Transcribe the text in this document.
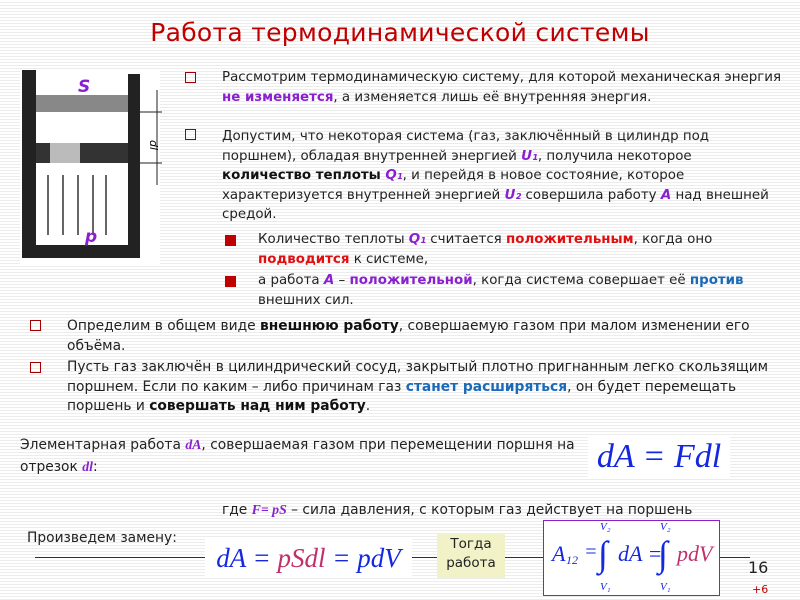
Работа термодинамической системы
dl
S
p
Рассмотрим термодинамическую систему, для которой механическая энергия не изменяется, а изменяется лишь её внутренняя энергия.
Допустим, что некоторая система (газ, заключённый в цилиндр под поршнем), обладая внутренней энергией U₁, получила некоторое количество теплоты Q₁, и перейдя в новое состояние, которое характеризуется внутренней энергией U₂ совершила работу A над внешней средой.
Количество теплоты Q₁ считается положительным, когда оно подводится к системе,
а работа A – положительной, когда система совершает её против внешних сил.
Определим в общем виде внешнюю работу, совершаемую газом при малом изменении его объёма.
Пусть газ заключён в цилиндрический сосуд, закрытый плотно пригнанным легко скользящим поршнем. Если по каким – либо причинам газ станет расширяться, он будет перемещать поршень и совершать над ним работу.
Элементарная работа dA, совершаемая газом при перемещении поршня на отрезок dl:	dA = Fdl
где F= pS – сила давления, с которым газ действует на поршень
Произведем замену:
dA = pSdl = pdV	Тогда работа	A 12 = ∫
V₂
V₁
dA =
∫
V₂
V₁
pdV
16
+6
